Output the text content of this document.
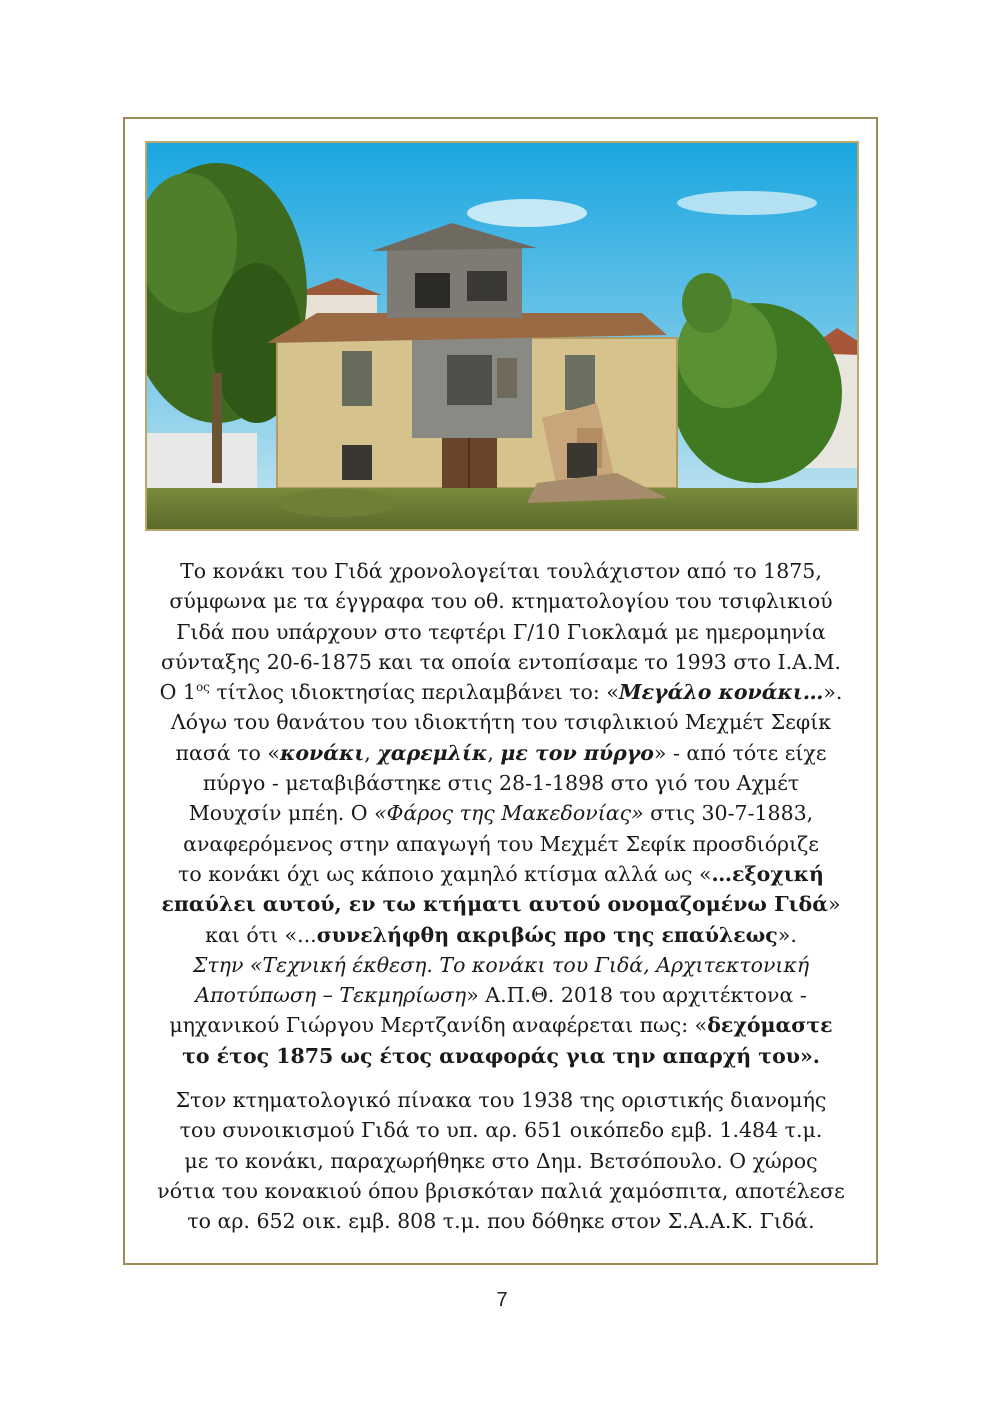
Το κονάκι του Γιδά χρονολογείται τουλάχιστον από το 1875,
σύμφωνα με τα έγγραφα του οθ. κτηματολογίου του τσιφλικιού
Γιδά που υπάρχουν στο τεφτέρι Γ/10 Γιοκλαμά με ημερομηνία
σύνταξης 20-6-1875 και τα οποία εντοπίσαμε το 1993 στο Ι.Α.Μ.
Ο $1^{o\varsigma}$ τίτλος ιδιοκτησίας περιλαμβάνει το: «Μεγάλο κονάκι…».
Λόγω του θανάτου του ιδιοκτήτη του τσιφλικιού Μεχμέτ Σεφίκ
πασά το «κονάκι, χαρεμλίκ, με τον πύργο» - από τότε είχε
πύργο - μεταβιβάστηκε στις 28-1-1898 στο γιό του Αχμέτ
Μουχσίν μπέη. Ο «Φάρος της Μακεδονίας» στις 30-7-1883,
αναφερόμενος στην απαγωγή του Μεχμέτ Σεφίκ προσδιόριζε
το κονάκι όχι ως κάποιο χαμηλό κτίσμα αλλά ως «…εξοχική
επαύλει αυτού, εν τω κτήματι αυτού ονομαζομένω Γιδά»
και ότι «...συνελήφθη ακριβώς προ της επαύλεως».
Στην «Τεχνική έκθεση. Το κονάκι του Γιδά, Αρχιτεκτονική
Αποτύπωση – Τεκμηρίωση» Α.Π.Θ. 2018 του αρχιτέκτονα -
μηχανικού Γιώργου Μερτζανίδη αναφέρεται πως: «δεχόμαστε
το έτος 1875 ως έτος αναφοράς για την απαρχή του».

Στον κτηματολογικό πίνακα του 1938 της οριστικής διανομής
του συνοικισμού Γιδά το υπ. αρ. 651 οικόπεδο εμβ. 1.484 τ.μ.
με το κονάκι, παραχωρήθηκε στο Δημ. Βετσόπουλο. Ο χώρος
νότια του κονακιού όπου βρισκόταν παλιά χαμόσπιτα, αποτέλεσε
το αρ. 652 οικ. εμβ. 808 τ.μ. που δόθηκε στον Σ.Α.Α.Κ. Γιδά.

7
